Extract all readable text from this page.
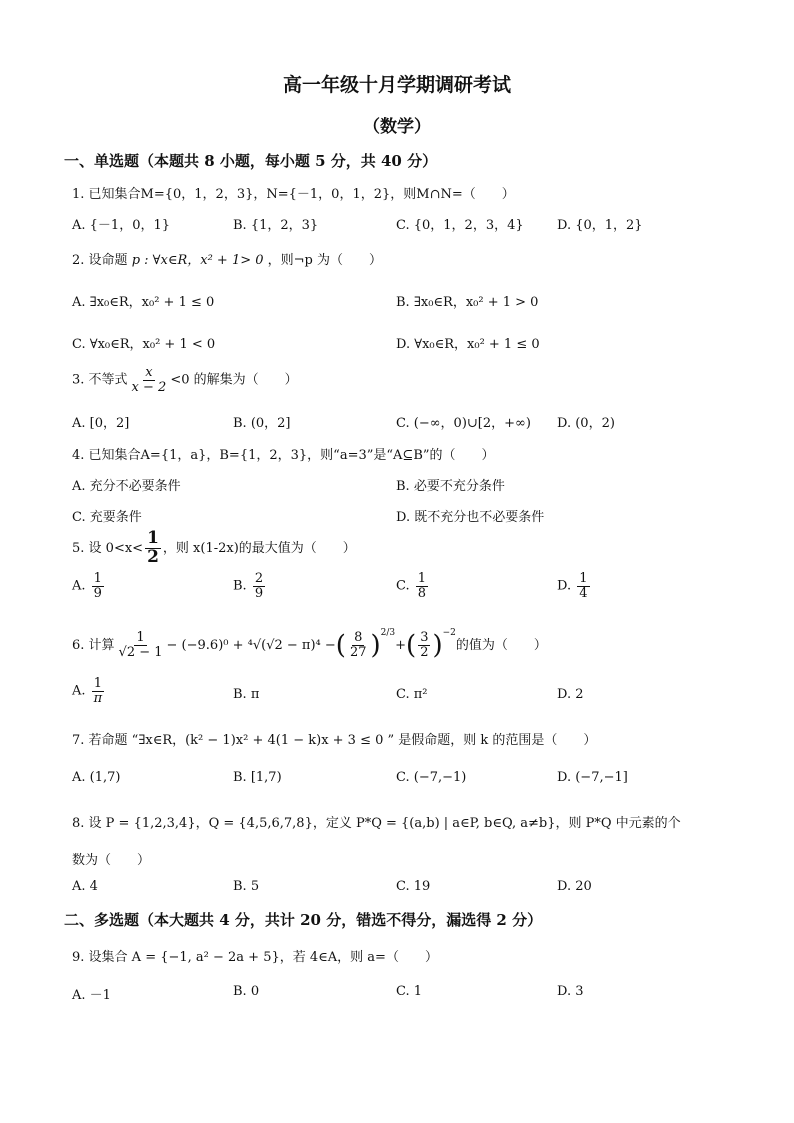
高一年级十月学期调研考试
（数学）
一、单选题（本题共 8 小题，每小题 5 分，共 40 分）
1. 已知集合M={0，1，2，3}，N={－1，0，1，2}，则M∩N=（　　）
A. {－1，0，1}	B. {1，2，3}	C. {0，1，2，3，4}	D. {0，1，2}
2. 设命题 p : ∀x∈R，x² + 1> 0 ，则¬p 为（　　）
A. ∃x₀∈R，x₀² + 1 ≤ 0	B. ∃x₀∈R，x₀² + 1 > 0
C. ∀x₀∈R，x₀² + 1 < 0	D. ∀x₀∈R，x₀² + 1 ≤ 0
3. 不等式 $\frac{x}{x - 2} <0$ 的解集为（　　）
A. [0，2]	B. (0，2]	C. (−∞，0)∪[2，+∞) D. (0，2)
4. 已知集合A={1，a}，B={1，2，3}，则“a=3”是“A⊆B”的（　　）
A. 充分不必要条件	B. 必要不充分条件
C. 充要条件	D. 既不充分也不必要条件
5. 设 $0<x< \frac{1}{2}$ ，则 x(1-2x)的最大值为（　　）
A. $\frac{1}{9}$	B. $\frac{2}{9}$	C. $\frac{1}{8}$	D. $\frac{1}{4}$
6. 计算 $\frac{1}{√2 - 1} - (-9.6)^0 + ^4√(√2 - \pi)^4$ −( $\frac{8}{27} )^{2/3}+( \frac{3}{2} )^{-2}$的值为（　　）
A. $\frac{1}{\pi}$	B. π	C. π²	D. 2
7. 若命题 “∃x∈R，(k² − 1)x² + 4(1 − k)x + 3 ≤ 0 ” 是假命题，则 k 的范围是（　　）
A. (1,7)	B. [1,7)	C. (−7,−1)	D. (−7,−1]
8. 设 P = {1,2,3,4}，Q = {4,5,6,7,8}，定义 P*Q = {(a,b) | a∈P, b∈Q, a≠b}，则 P*Q 中元素的个
数为（　　）
A. 4	B. 5	C. 19	D. 20
二、多选题（本大题共 4 分，共计 20 分，错选不得分，漏选得 2 分）
9. 设集合 A = {−1, a² − 2a + 5}，若 4∈A，则 a=（　　）
A. －1	B. 0	C. 1	D. 3
